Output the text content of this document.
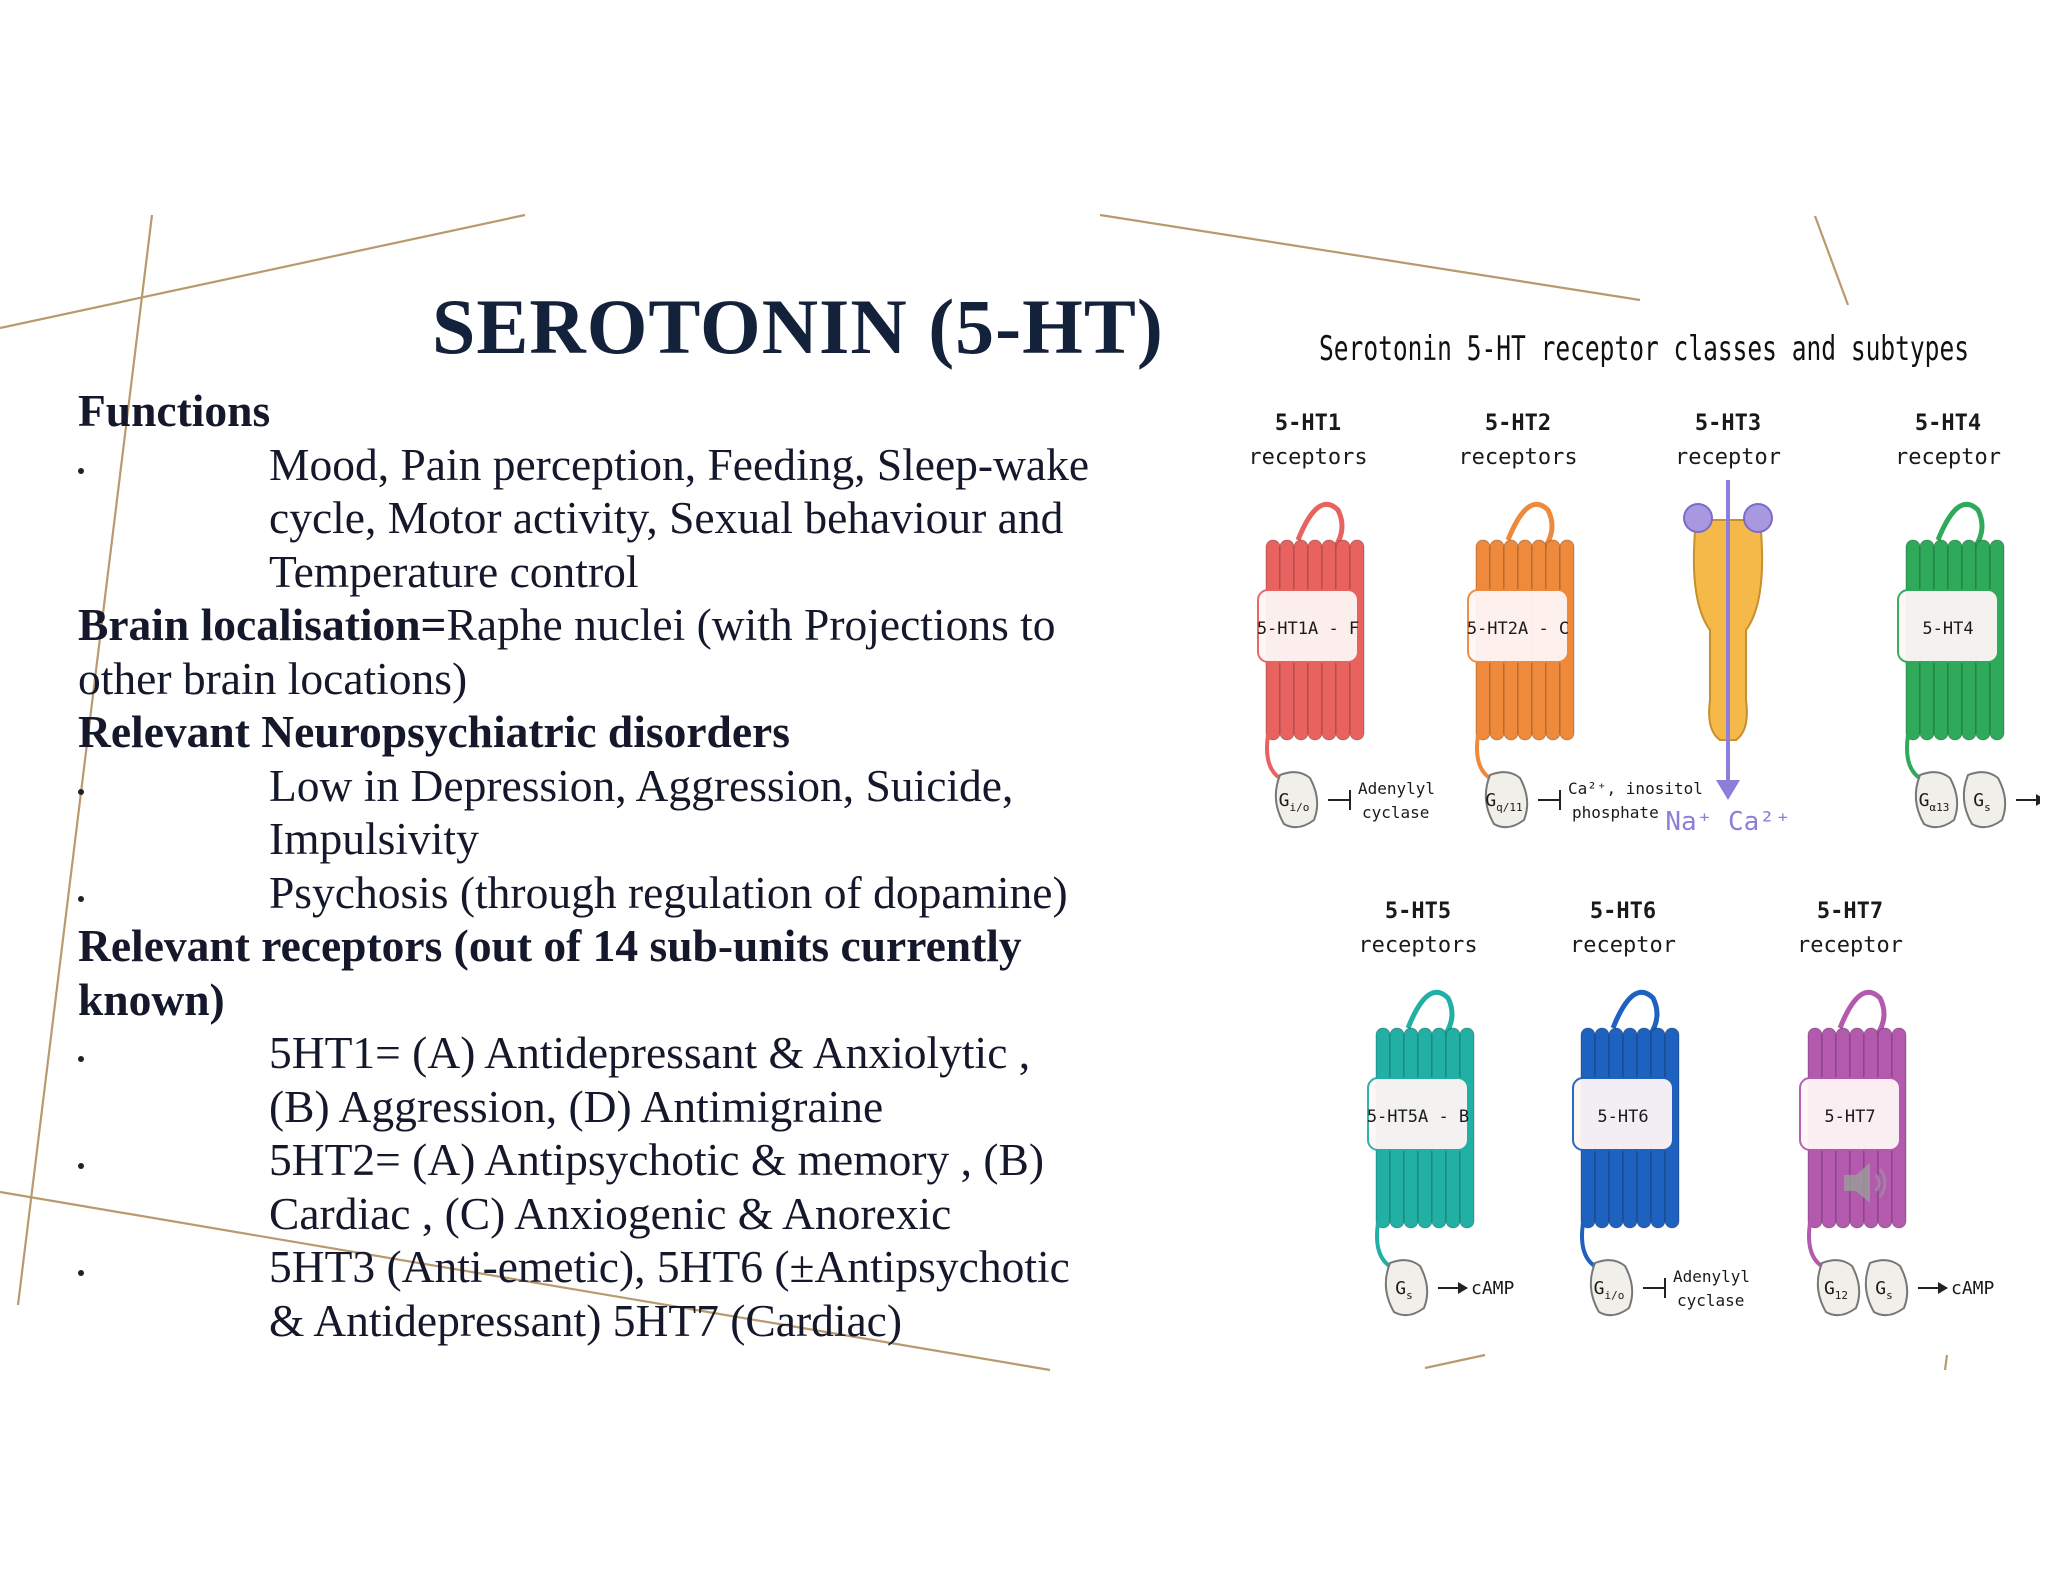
SEROTONIN (5-HT)
Functions
Mood, Pain perception, Feeding, Sleep-wake
cycle, Motor activity, Sexual behaviour and
Temperature control
Brain localisation=Raphe nuclei (with Projections to
other brain locations)
Relevant Neuropsychiatric disorders
Low in Depression, Aggression, Suicide,
Impulsivity
Psychosis (through regulation of dopamine)
Relevant receptors (out of 14 sub-units currently
known)
5HT1= (A) Antidepressant & Anxiolytic ,
(B) Aggression, (D) Antimigraine
5HT2= (A) Antipsychotic & memory , (B)
Cardiac , (C) Anxiogenic & Anorexic
5HT3 (Anti-emetic), 5HT6 (±Antipsychotic
& Antidepressant) 5HT7 (Cardiac)
Serotonin 5-HT receptor classes and subtypes
5-HT1
receptors
5-HT1A - F
$G_{i/o}$
Adenylyl
cyclase
5-HT2
receptors
5-HT2A - C
$G_{q/11}$
Ca²⁺, inositol
phosphate
5-HT3
receptor
Na⁺ Ca²⁺
5-HT4
receptor
5-HT4
$G_{\alpha 13}$ $G_s$
5-HT5
receptors
5-HT5A - B
$G_s$	cAMP
5-HT6
receptor
5-HT6
$G_{i/o}$
Adenylyl
cyclase
5-HT7
receptor
5-HT7
$G_{12}$ $G_s$	cAMP
